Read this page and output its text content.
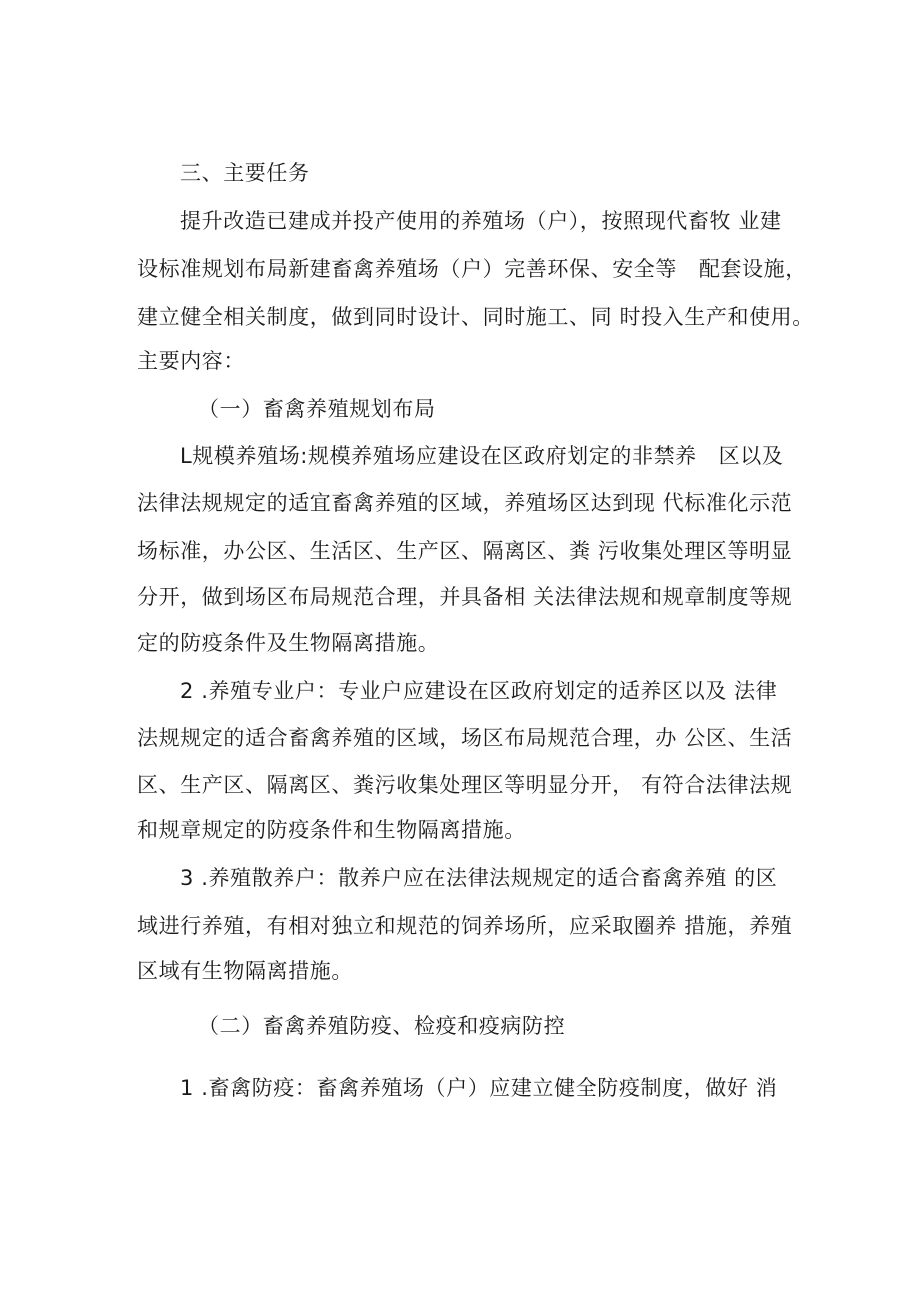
三、主要任务
提升改造已建成并投产使用的养殖场（户），按照现代畜牧 业建
设标准规划布局新建畜禽养殖场（户）完善环保、安全等   配套设施，
建立健全相关制度，做到同时设计、同时施工、同 时投入生产和使用。
主要内容：
（一）畜禽养殖规划布局
L规模养殖场:规模养殖场应建设在区政府划定的非禁养   区以及
法律法规规定的适宜畜禽养殖的区域，养殖场区达到现 代标准化示范
场标准，办公区、生活区、生产区、隔离区、粪 污收集处理区等明显
分开，做到场区布局规范合理，并具备相 关法律法规和规章制度等规
定的防疫条件及生物隔离措施。
2 .养殖专业户：专业户应建设在区政府划定的适养区以及 法律
法规规定的适合畜禽养殖的区域，场区布局规范合理，办 公区、生活
区、生产区、隔离区、粪污收集处理区等明显分开， 有符合法律法规
和规章规定的防疫条件和生物隔离措施。
3 .养殖散养户：散养户应在法律法规规定的适合畜禽养殖 的区
域进行养殖，有相对独立和规范的饲养场所，应采取圈养 措施，养殖
区域有生物隔离措施。
（二）畜禽养殖防疫、检疫和疫病防控
1 .畜禽防疫：畜禽养殖场（户）应建立健全防疫制度，做好 消
